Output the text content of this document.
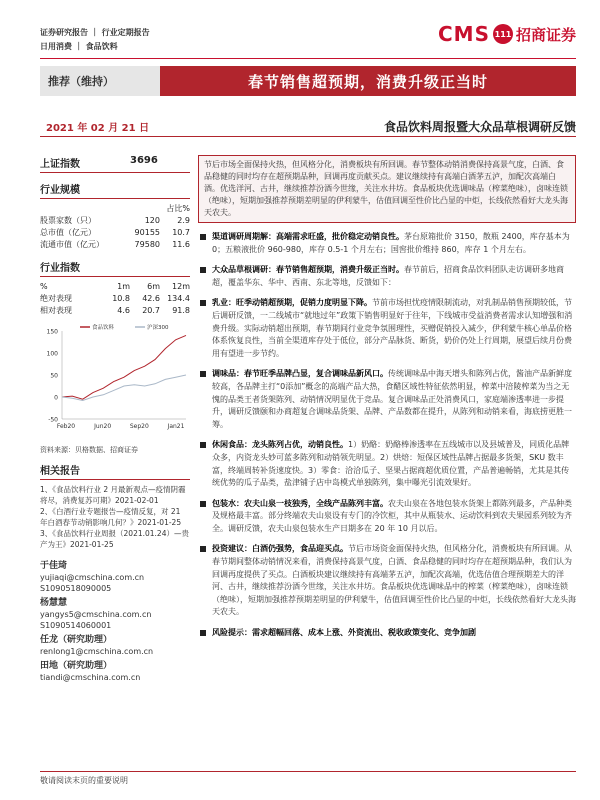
证券研究报告 ｜ 行业定期报告
日用消费 ｜ 食品饮料
CMS 111 招商证券
推荐（维持）	春节销售超预期，消费升级正当时
2021 年 02 月 21 日	食品饮料周报暨大众品草根调研反馈
上证指数	3696
行业规模
占比%
股票家数（只）	120	2.9
总市值（亿元）	90155	10.7
流通市值（亿元）	79580	11.6
行业指数
%	1m	6m	12m
绝对表现	10.8	42.6 134.4
相对表现	4.6	20.7	91.8
150
100
50
0
-50
Feb20	Jun20	Sep20	Jan21
食品饮料	沪深300
资料来源：贝格数据、招商证券
相关报告
1、《食品饮料行业 2 月最新观点—疫情阴霾将尽，消费复苏可期》2021-02-01
2、《白酒行业专题报告—疫情反复，对 21 年白酒春节动销影响几何？》2021-01-25
3、《食品饮料行业周报（2021.01.24）—贵产为王》2021-01-25
于佳琦
yujiaqi@cmschina.com.cn
S1090518090005
杨慧慧
yangys5@cmschina.com.cn
S1090514060001
任龙（研究助理）
renlong1@cmschina.com.cn
田地（研究助理）
tiandi@cmschina.com.cn
节后市场全面保持火热，但风格分化，消费板块有所回调。春节整体动销消费保持高景气度，白酒、食品稳健的同时均存在超预期品种，回调再度贡献买点。建议继续持有高端白酒茅五泸，加配次高端白酒。优选洋河、古井，继续推荐汾酒今世缘，关注水井坊。食品板块优选调味品（榨菜绝味），卤味连锁（绝味），短期加强推荐预期差明显的伊利蒙牛，估值回调至性价比凸显的中炬，长线依然看好大龙头海天农夫。
渠道调研周期解：高端需求旺盛，批价稳定动销良性。茅台原箱批价 3150，散瓶 2400，库存基本为 0；五粮液批价 960-980，库存 0.5-1 个月左右；国窖批价维持 860，库存 1 个月左右。
大众品草根调研：春节销售超预期，消费升级正当时。春节前后，招商食品饮料团队走访调研多地商超，覆盖华东、华中、西南、东北等地，反馈如下：
乳业：旺季动销超预期，促销力度明显下降。节前市场担忧疫情限制流动，对乳制品销售预期较低，节后调研反馈，一二线城市“就地过年”政策下销售明显好于往年，下线城市受益消费者需求认知增强和消费升级。实际动销超出预期，春节期间行业竞争氛围理性，买赠促销投入减少，伊利蒙牛核心单品价格体系恢复良性，当前全渠道库存处于低位，部分产品脉货、断货，奶价仍处上行周期，展望后续月份费用有望进一步节约。
调味品：春节旺季品牌凸显，复合调味品新风口。传统调味品中海天增头和陈列占优，酱油产品新鲜度较高，各品牌主打“0添加”概念的高端产品大热，食醋区域性特征依然明显，榨菜中涪陵榨菜为当之无愧的品类王者货架陈列、动销情况明显优于竞品。复合调味品正处消费风口，家庭端渗透率进一步提升，调研反馈颐和办商超复合调味品货架、品牌、产品数都在提升，从陈列和动销来看，海底捞更胜一筹。
休闲食品：龙头陈列占优，动销良性。1）奶酪：奶酪棒渗透率在五线城市以及县城普及，同质化品牌众多，内资龙头妙可蓝多陈列和动销领先明显。2）烘焙：短保区域性品牌占据最多货架，SKU 数丰富，终端周转补货速度快。3）零食：洽洽瓜子、坚果占据商超优质位置，产品普遍畅销，尤其是其传统优势的瓜子品类，盐津铺子店中岛模式单独陈列，集中曝光引流效果好。
包装水：农夫山泉一枝独秀，全线产品陈列丰富。农夫山泉在各地包装水货架上都陈列最多，产品种类及规格最丰富。部分终端农夫山泉设有专门的冷饮柜，其中从瓶装水、运动饮料到农夫果园系列较为齐全。调研反馈，农夫山泉包装水生产日期多在 20 年 10 月以后。
投资建议：白酒仍强势，食品迎买点。节后市场资金面保持火热，但风格分化，消费板块有所回调。从春节期间整体动销情况来看，消费保持高景气度，白酒、食品稳健的同时均存在超预期品种，我们认为回调再度提供了买点。白酒板块建议继续持有高端茅五泸，加配次高端，优选估值合理预期差大的洋河、古井，继续推荐汾酒今世缘，关注水井坊。食品板块优选调味品中的榨菜（榨菜绝味），卤味连锁（绝味），短期加强推荐预期差明显的伊利蒙牛，估值回调至性价比凸显的中炬，长线依然看好大龙头海天农夫。
风险提示：需求超幅回落、成本上涨、外资流出、税收政策变化、竞争加剧
敬请阅读末页的重要说明
